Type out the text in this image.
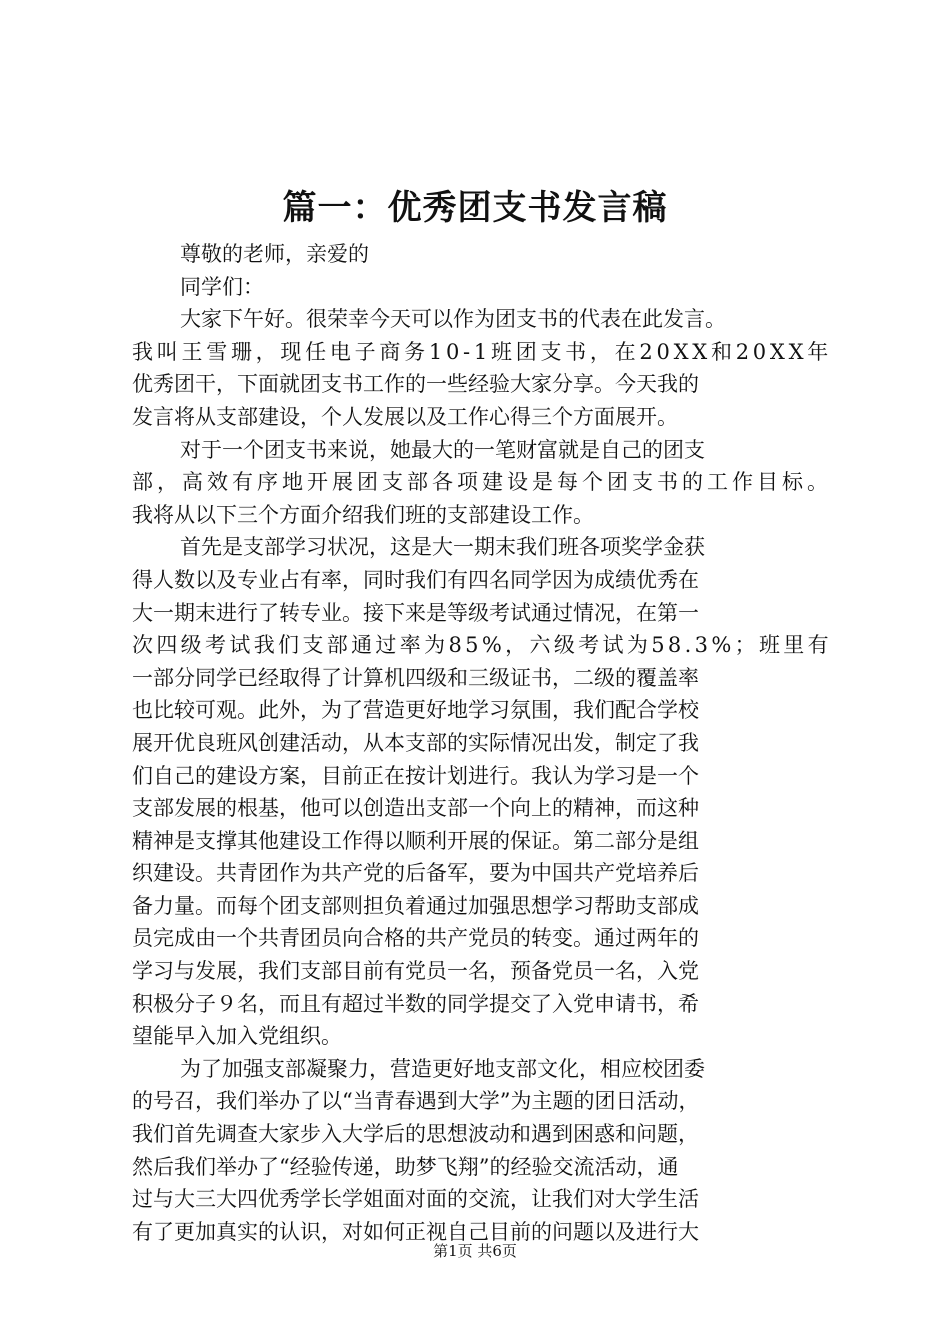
篇一：优秀团支书发言稿
尊敬的老师，亲爱的
同学们：
大家下午好。很荣幸今天可以作为团支书的代表在此发言。
我叫王雪珊，现任电子商务10-1班团支书，在20XX和20XX年
优秀团干，下面就团支书工作的一些经验大家分享。今天我的
发言将从支部建设，个人发展以及工作心得三个方面展开。
对于一个团支书来说，她最大的一笔财富就是自己的团支
部，高效有序地开展团支部各项建设是每个团支书的工作目标。
我将从以下三个方面介绍我们班的支部建设工作。
首先是支部学习状况，这是大一期末我们班各项奖学金获
得人数以及专业占有率，同时我们有四名同学因为成绩优秀在
大一期末进行了转专业。接下来是等级考试通过情况，在第一
次四级考试我们支部通过率为85%，六级考试为58.3%；班里有
一部分同学已经取得了计算机四级和三级证书，二级的覆盖率
也比较可观。此外，为了营造更好地学习氛围，我们配合学校
展开优良班风创建活动，从本支部的实际情况出发，制定了我
们自己的建设方案，目前正在按计划进行。我认为学习是一个
支部发展的根基，他可以创造出支部一个向上的精神，而这种
精神是支撑其他建设工作得以顺利开展的保证。第二部分是组
织建设。共青团作为共产党的后备军，要为中国共产党培养后
备力量。而每个团支部则担负着通过加强思想学习帮助支部成
员完成由一个共青团员向合格的共产党员的转变。通过两年的
学习与发展，我们支部目前有党员一名，预备党员一名，入党
积极分子９名，而且有超过半数的同学提交了入党申请书，希
望能早入加入党组织。
为了加强支部凝聚力，营造更好地支部文化，相应校团委
的号召，我们举办了以“当青春遇到大学”为主题的团日活动，
我们首先调查大家步入大学后的思想波动和遇到困惑和问题，
然后我们举办了“经验传递，助梦飞翔”的经验交流活动，通
过与大三大四优秀学长学姐面对面的交流，让我们对大学生活
有了更加真实的认识，对如何正视自己目前的问题以及进行大
第1页 共6页
